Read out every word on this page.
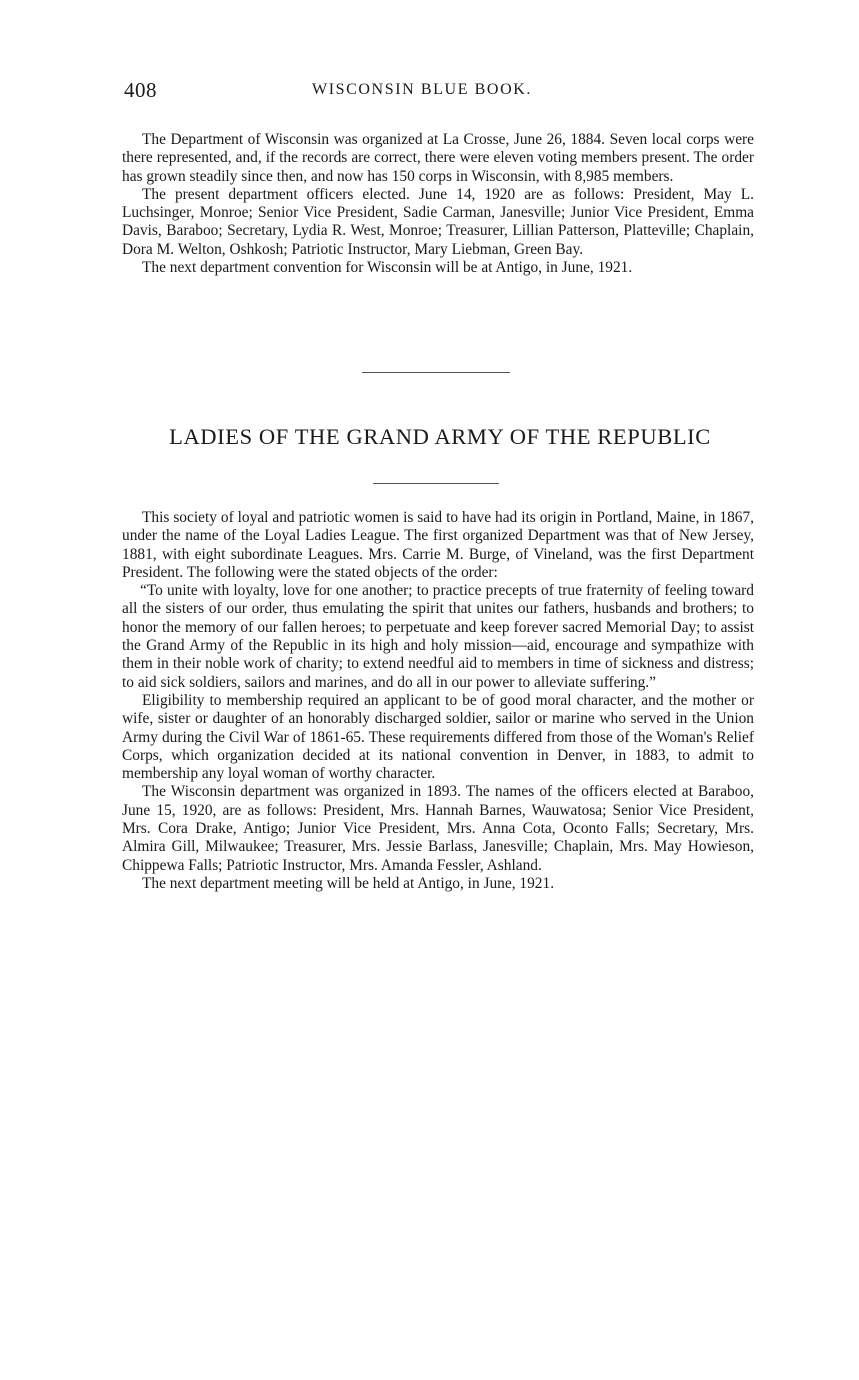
408	WISCONSIN BLUE BOOK.

The Department of Wisconsin was organized at La Crosse, June 26, 1884. Seven local corps were there represented, and, if the records are correct, there were eleven voting members present. The order has grown steadily since then, and now has 150 corps in Wisconsin, with 8,985 members.

The present department officers elected. June 14, 1920 are as follows: President, May L. Luchsinger, Monroe; Senior Vice President, Sadie Carman, Janesville; Junior Vice President, Emma Davis, Baraboo; Secretary, Lydia R. West, Monroe; Treasurer, Lillian Patterson, Platteville; Chaplain, Dora M. Welton, Oshkosh; Patriotic Instructor, Mary Liebman, Green Bay.

The next department convention for Wisconsin will be at Antigo, in June, 1921.

LADIES OF THE GRAND ARMY OF THE REPUBLIC

This society of loyal and patriotic women is said to have had its origin in Portland, Maine, in 1867, under the name of the Loyal Ladies League. The first organized Department was that of New Jersey, 1881, with eight subordinate Leagues. Mrs. Carrie M. Burge, of Vineland, was the first Department President. The following were the stated objects of the order:

“To unite with loyalty, love for one another; to practice precepts of true fraternity of feeling toward all the sisters of our order, thus emulating the spirit that unites our fathers, husbands and brothers; to honor the memory of our fallen heroes; to perpetuate and keep forever sacred Memorial Day; to assist the Grand Army of the Republic in its high and holy mission—aid, encourage and sympathize with them in their noble work of charity; to extend needful aid to members in time of sickness and distress; to aid sick soldiers, sailors and marines, and do all in our power to alleviate suffering.”

Eligibility to membership required an applicant to be of good moral character, and the mother or wife, sister or daughter of an honorably discharged soldier, sailor or marine who served in the Union Army during the Civil War of 1861-65. These requirements differed from those of the Woman's Relief Corps, which organization decided at its national convention in Denver, in 1883, to admit to membership any loyal woman of worthy character.

The Wisconsin department was organized in 1893. The names of the officers elected at Baraboo, June 15, 1920, are as follows: President, Mrs. Hannah Barnes, Wauwatosa; Senior Vice President, Mrs. Cora Drake, Antigo; Junior Vice President, Mrs. Anna Cota, Oconto Falls; Secretary, Mrs. Almira Gill, Milwaukee; Treasurer, Mrs. Jessie Barlass, Janesville; Chaplain, Mrs. May Howieson, Chippewa Falls; Patriotic Instructor, Mrs. Amanda Fessler, Ashland.

The next department meeting will be held at Antigo, in June, 1921.
